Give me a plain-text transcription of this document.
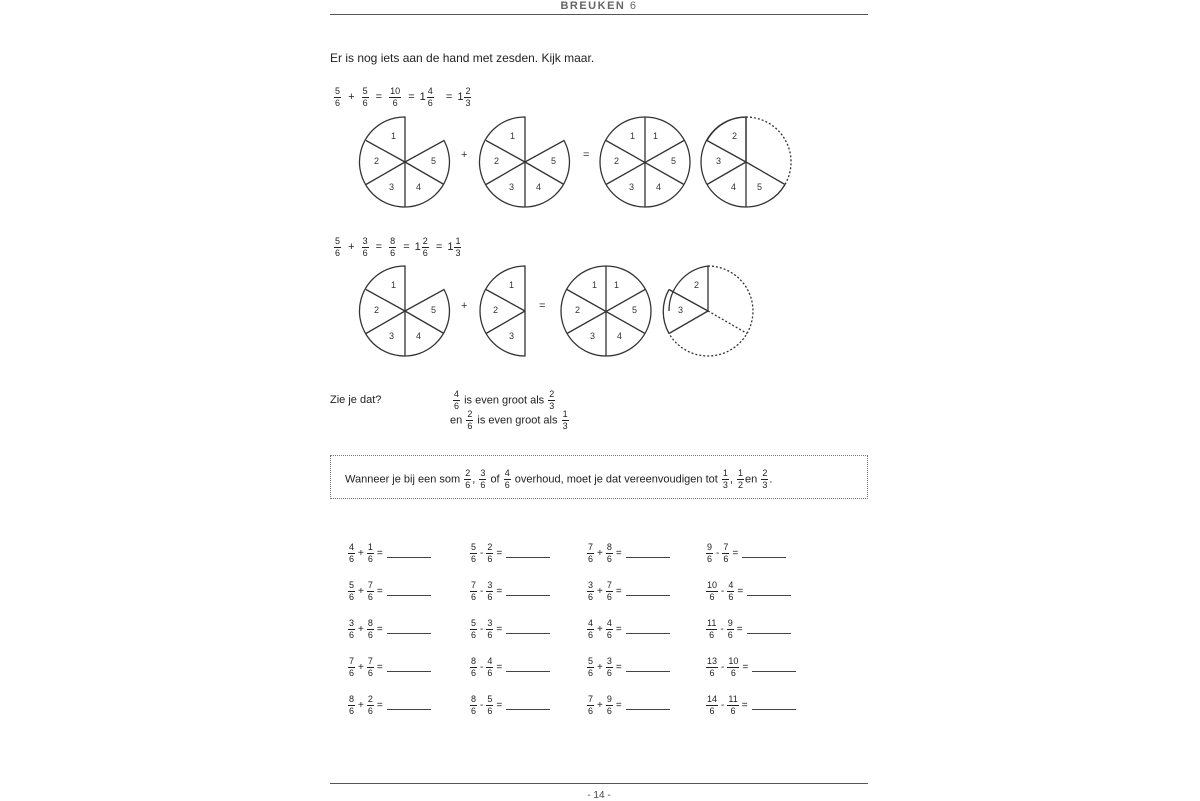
BREUKEN 6
Er is nog iets aan de hand met zesden. Kijk maar.
$\frac{5}{6} + \frac{5}{6} = \frac{10}{6} = 1 \frac{4}{6} = 1 \frac{2}{3}$
1
2
3 4
5
1
2
3 4
5
+	=
1 1
2
3 4
5
2
3
4 5
$\frac{5}{6} + \frac{3}{6} = \frac{8}{6} = 1 \frac{2}{6} = 1 \frac{1}{3}$
1
2
3 4
5 +
1
2
3
=
1 1
2
3 4
5
2
3
Zie je dat?	$\frac{4}{6}$ is even groot als $\frac{2}{3}$
en $\frac{2}{6}$ is even groot als $\frac{1}{3}$
Wanneer je bij een som $\frac{2}{6}$ , $\frac{3}{6}$ of $\frac{4}{6}$ overhoud, moet je dat vereenvoudigen tot $\frac{1}{3}$ , $\frac{1}{2}$ en $\frac{2}{3}$ .
$\frac{4}{6} + \frac{1}{6}$ =
$\frac{5}{6} + \frac{7}{6}$ =
$\frac{3}{6} + \frac{8}{6}$ =
$\frac{7}{6} + \frac{7}{6}$ =
$\frac{8}{6} + \frac{2}{6}$ =
$\frac{5}{6} - \frac{2}{6}$ =
$\frac{7}{6} - \frac{3}{6}$ =
$\frac{5}{6} - \frac{3}{6}$ =
$\frac{8}{6} - \frac{4}{6}$ =
$\frac{8}{6} - \frac{5}{6}$ =
$\frac{7}{6} + \frac{8}{6}$ =
$\frac{3}{6} + \frac{7}{6}$ =
$\frac{4}{6} + \frac{4}{6}$ =
$\frac{5}{6} + \frac{3}{6}$ =
$\frac{7}{6} + \frac{9}{6}$ =
$\frac{9}{6} - \frac{7}{6}$ =
$\frac{10}{6} - \frac{4}{6}$ =
$\frac{11}{6} - \frac{9}{6}$ =
$\frac{13}{6} - \frac{10}{6}$ =
$\frac{14}{6} - \frac{11}{6}$ =
- 14 -
